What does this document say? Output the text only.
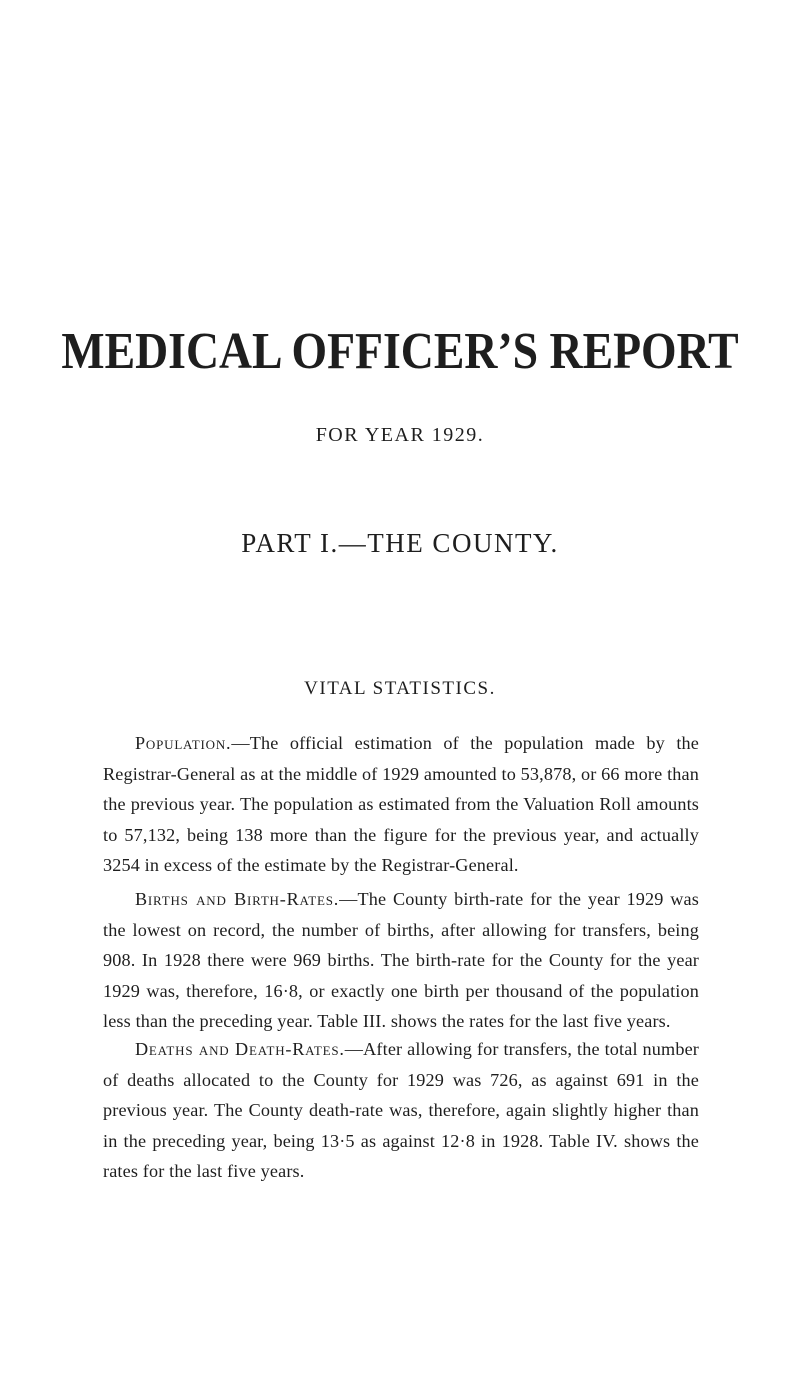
MEDICAL OFFICER’S REPORT
FOR YEAR 1929.
PART I.—THE COUNTY.
VITAL STATISTICS.

Population.—The official estimation of the population made by the Registrar-General as at the middle of 1929 amounted to 53,878, or 66 more than the previous year. The population as estimated from the Valuation Roll amounts to 57,132, being 138 more than the figure for the previous year, and actually 3254 in excess of the estimate by the Registrar-General.

Births and Birth-Rates.—The County birth-rate for the year 1929 was the lowest on record, the number of births, after allowing for transfers, being 908. In 1928 there were 969 births. The birth-rate for the County for the year 1929 was, therefore, 16·8, or exactly one birth per thousand of the population less than the preceding year. Table III. shows the rates for the last five years.

Deaths and Death-Rates.—After allowing for transfers, the total number of deaths allocated to the County for 1929 was 726, as against 691 in the previous year. The County death-rate was, therefore, again slightly higher than in the preceding year, being 13·5 as against 12·8 in 1928. Table IV. shows the rates for the last five years.
